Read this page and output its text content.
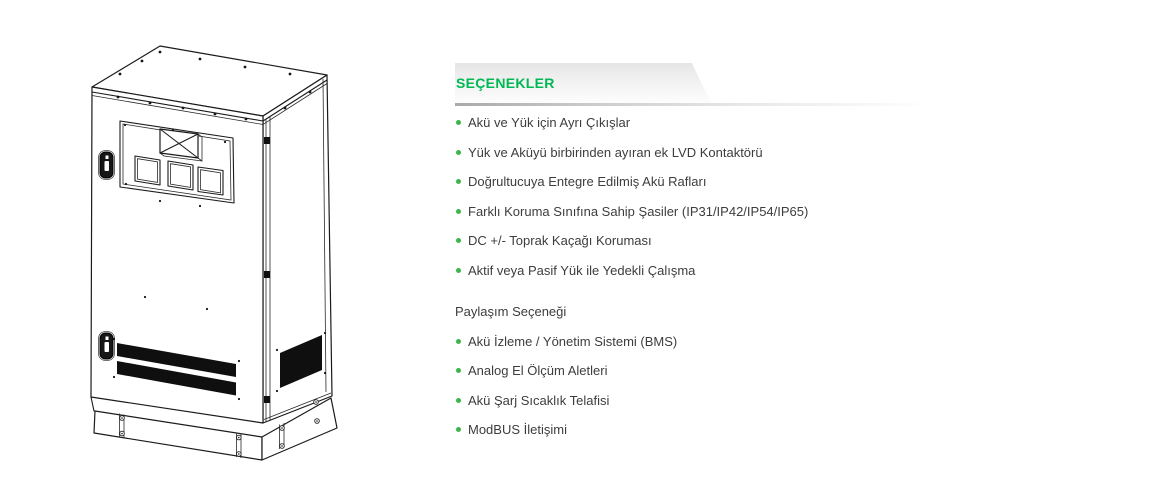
SEÇENEKLER
Akü ve Yük için Ayrı Çıkışlar
Yük ve Aküyü birbirinden ayıran ek LVD Kontaktörü
Doğrultucuya Entegre Edilmiş Akü Rafları
Farklı Koruma Sınıfına Sahip Şasiler (IP31/IP42/IP54/IP65)
DC +/- Toprak Kaçağı Koruması
Aktif veya Pasif Yük ile Yedekli Çalışma

Paylaşım Seçeneği

Akü İzleme / Yönetim Sistemi (BMS)
Analog El Ölçüm Aletleri
Akü Şarj Sıcaklık Telafisi
ModBUS İletişimi
